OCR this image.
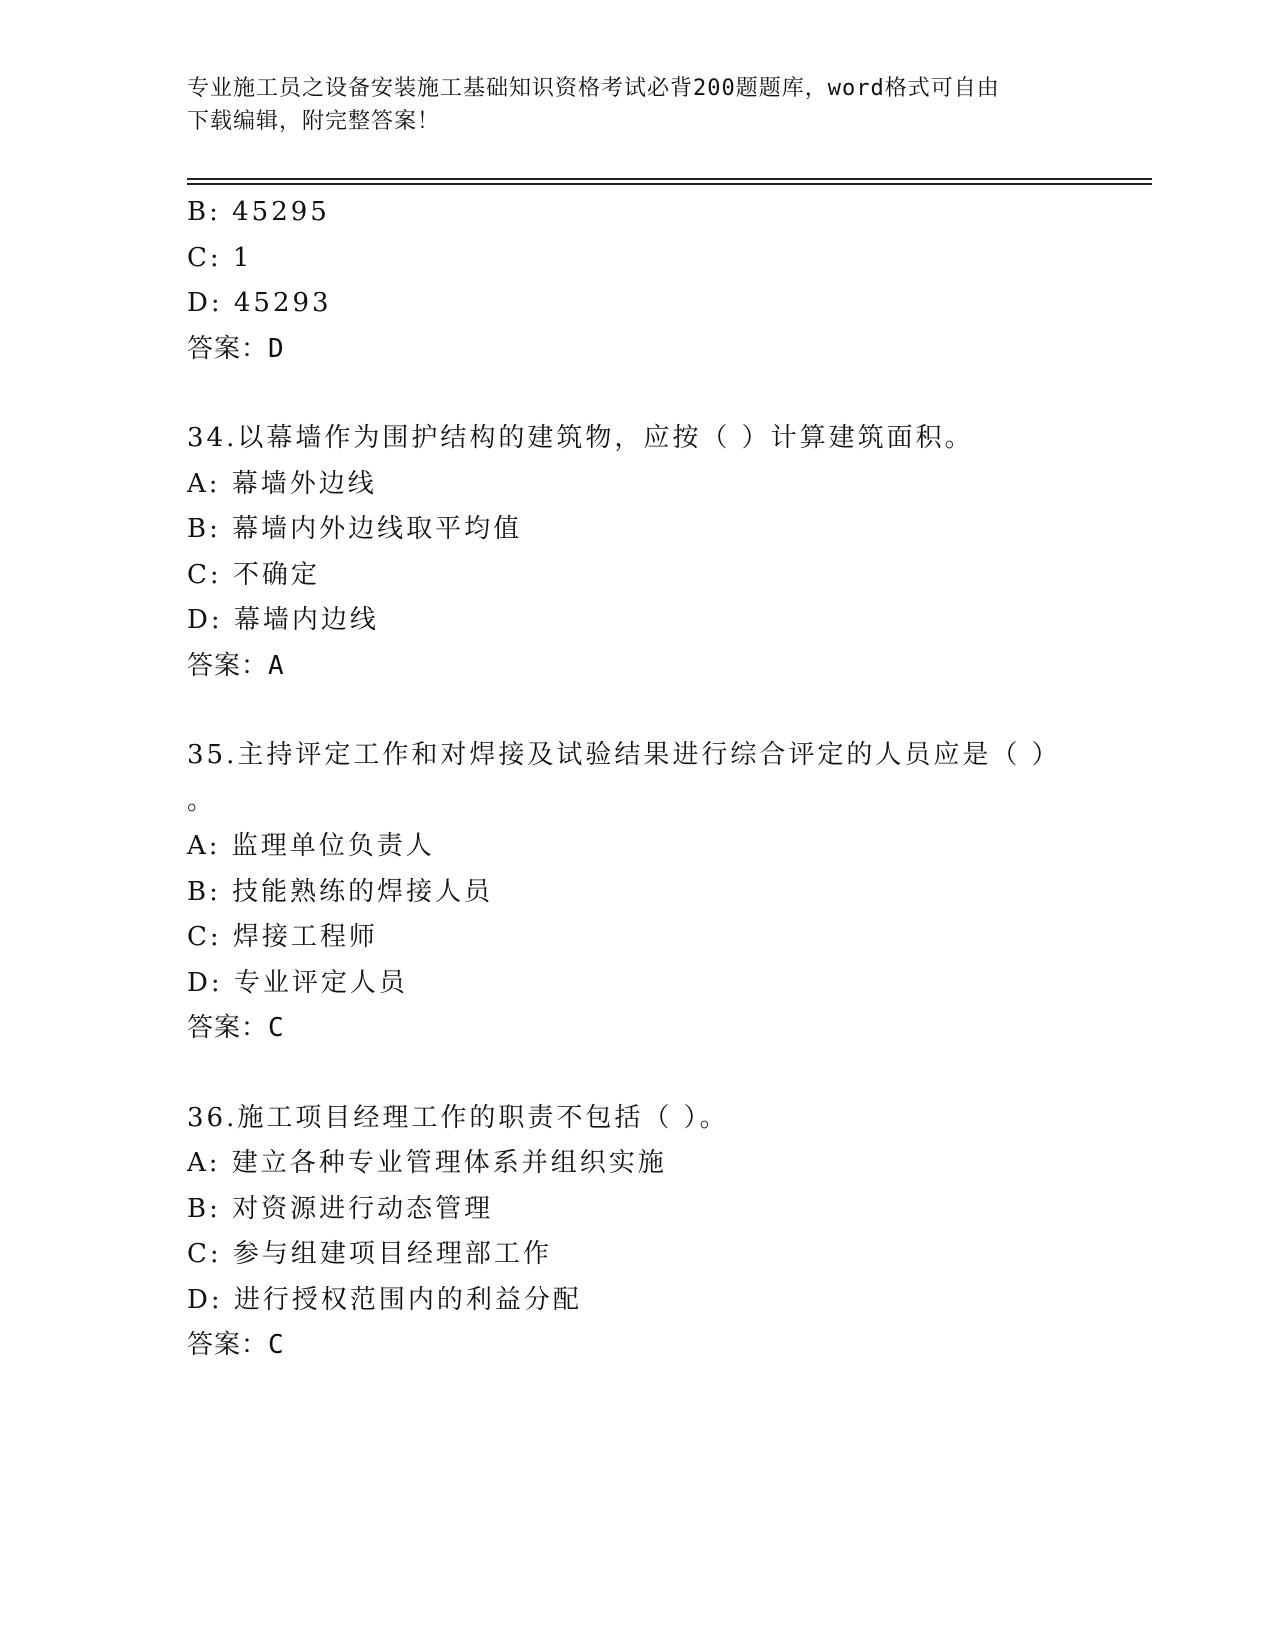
专业施工员之设备安装施工基础知识资格考试必背200题题库，word格式可自由
下载编辑，附完整答案！
B: 45295
C: 1
D: 45293
答案：D
34.以幕墙作为围护结构的建筑物，应按（ ）计算建筑面积。
A: 幕墙外边线
B: 幕墙内外边线取平均值
C: 不确定
D: 幕墙内边线
答案：A
35.主持评定工作和对焊接及试验结果进行综合评定的人员应是（ ）
。
A: 监理单位负责人
B: 技能熟练的焊接人员
C: 焊接工程师
D: 专业评定人员
答案：C
36.施工项目经理工作的职责不包括（ ）。
A: 建立各种专业管理体系并组织实施
B: 对资源进行动态管理
C: 参与组建项目经理部工作
D: 进行授权范围内的利益分配
答案：C
